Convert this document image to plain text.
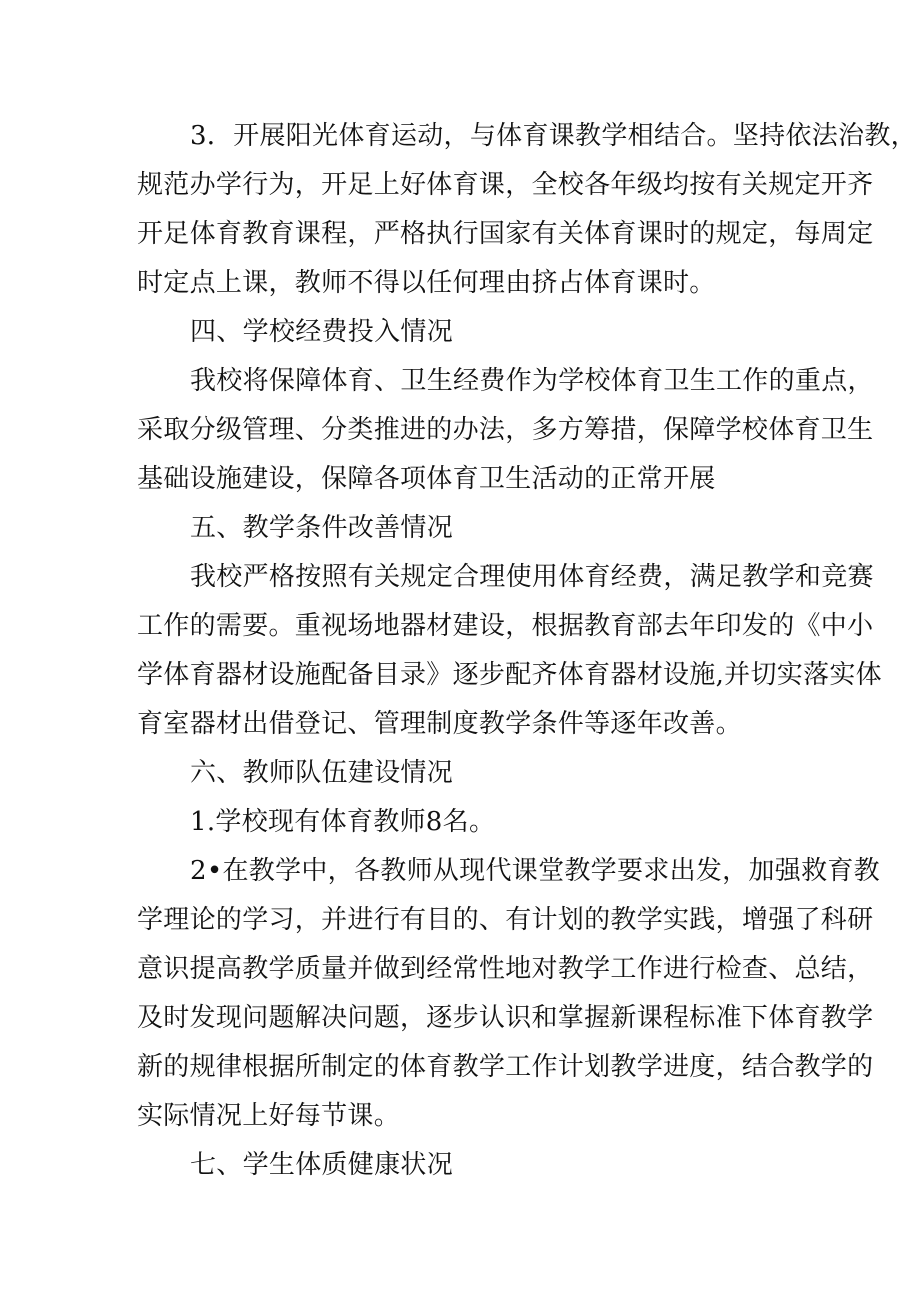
3．开展阳光体育运动，与体育课教学相结合。坚持依法治教，
规范办学行为，开足上好体育课，全校各年级均按有关规定开齐
开足体育教育课程，严格执行国家有关体育课时的规定，每周定
时定点上课，教师不得以任何理由挤占体育课时。
四、学校经费投入情况
我校将保障体育、卫生经费作为学校体育卫生工作的重点，
采取分级管理、分类推进的办法，多方筹措，保障学校体育卫生
基础设施建设，保障各项体育卫生活动的正常开展
五、教学条件改善情况
我校严格按照有关规定合理使用体育经费，满足教学和竞赛
工作的需要。重视场地器材建设，根据教育部去年印发的《中小
学体育器材设施配备目录》逐步配齐体育器材设施,并切实落实体
育室器材出借登记、管理制度教学条件等逐年改善。
六、教师队伍建设情况
1.学校现有体育教师8名。
2•在教学中，各教师从现代课堂教学要求出发，加强救育教
学理论的学习，并进行有目的、有计划的教学实践，增强了科研
意识提高教学质量并做到经常性地对教学工作进行检查、总结，
及时发现问题解决问题，逐步认识和掌握新课程标准下体育教学
新的规律根据所制定的体育教学工作计划教学进度，结合教学的
实际情况上好每节课。
七、学生体质健康状况
